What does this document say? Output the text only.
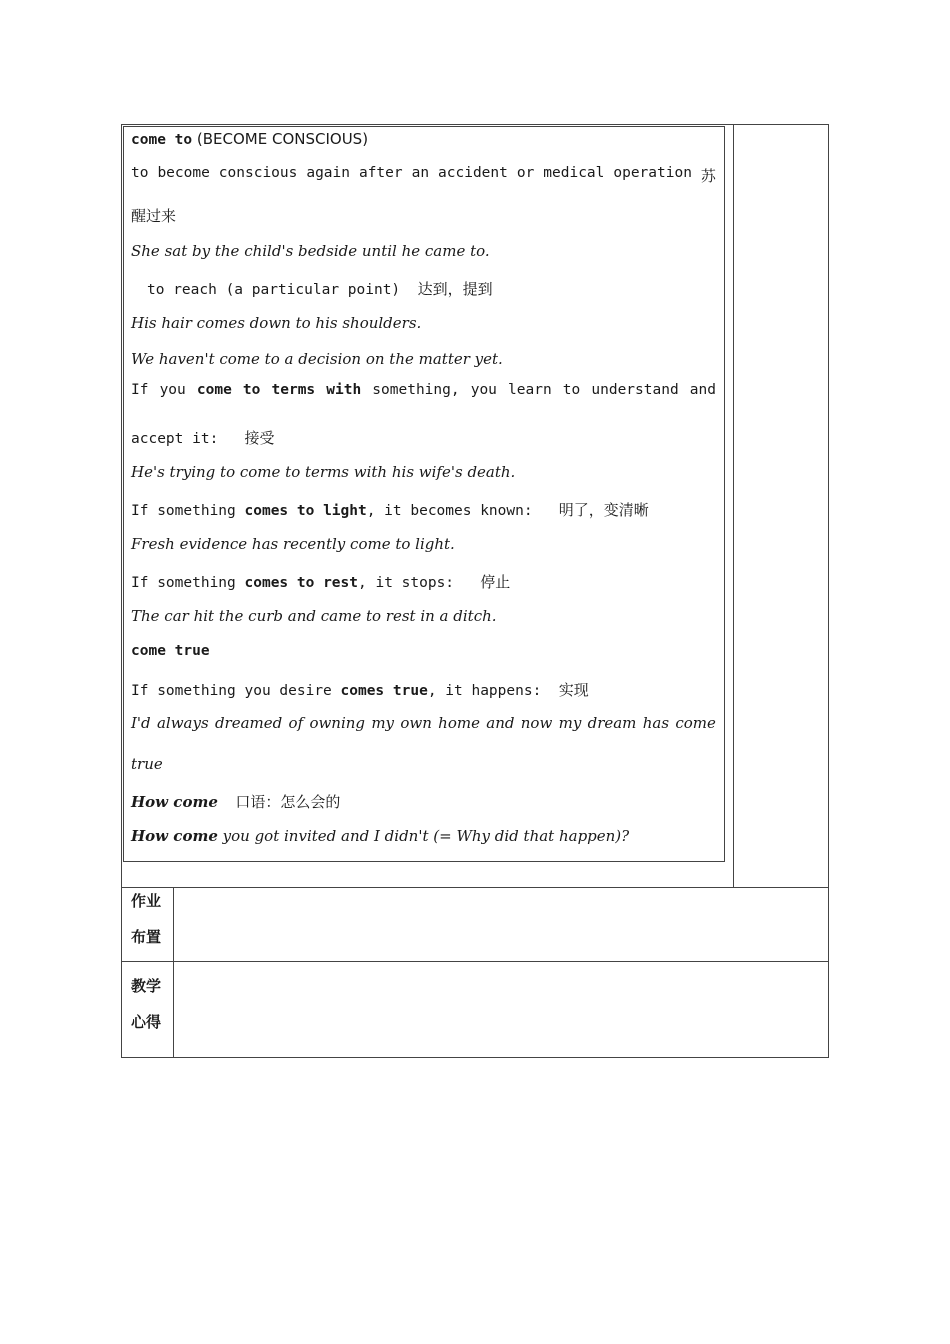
come to (BECOME CONSCIOUS)
to become conscious again after an accident or medical operation 苏
醒过来
She sat by the child's bedside until he came to.
to reach (a particular point) 达到，提到
His hair comes down to his shoulders.
We haven't come to a decision on the matter yet.
If you come to terms with something, you learn to understand and
accept it: 接受
He's trying to come to terms with his wife's death.
If something comes to light, it becomes known: 明了，变清晰
Fresh evidence has recently come to light.
If something comes to rest, it stops: 停止
The car hit the curb and came to rest in a ditch.
come true
If something you desire comes true, it happens: 实现
I'd always dreamed of owning my own home and now my dream has come
true
How come 口语：怎么会的
How come you got invited and I didn't (= Why did that happen)?
作业
布置
教学
心得
